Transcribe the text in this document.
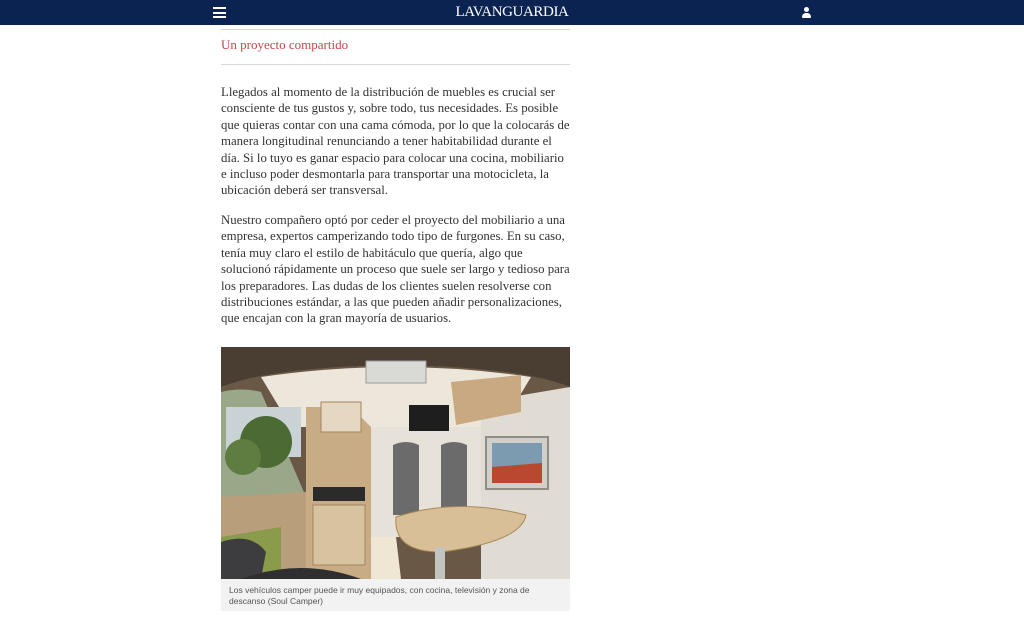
LAVANGUARDIA
Un proyecto compartido

Llegados al momento de la distribución de muebles es crucial ser consciente de tus gustos y, sobre todo, tus necesidades. Es posible que quieras contar con una cama cómoda, por lo que la colocarás de manera longitudinal renunciando a tener habitabilidad durante el día. Si lo tuyo es ganar espacio para colocar una cocina, mobiliario e incluso poder desmontarla para transportar una motocicleta, la ubicación deberá ser transversal.

Nuestro compañero optó por ceder el proyecto del mobiliario a una empresa, expertos camperizando todo tipo de furgones. En su caso, tenía muy claro el estilo de habitáculo que quería, algo que solucionó rápidamente un proceso que suele ser largo y tedioso para los preparadores. Las dudas de los clientes suelen resolverse con distribuciones estándar, a las que pueden añadir personalizaciones, que encajan con la gran mayoría de usuarios.

Los vehículos camper puede ir muy equipados, con cocina, televisión y zona de descanso (Soul Camper)
